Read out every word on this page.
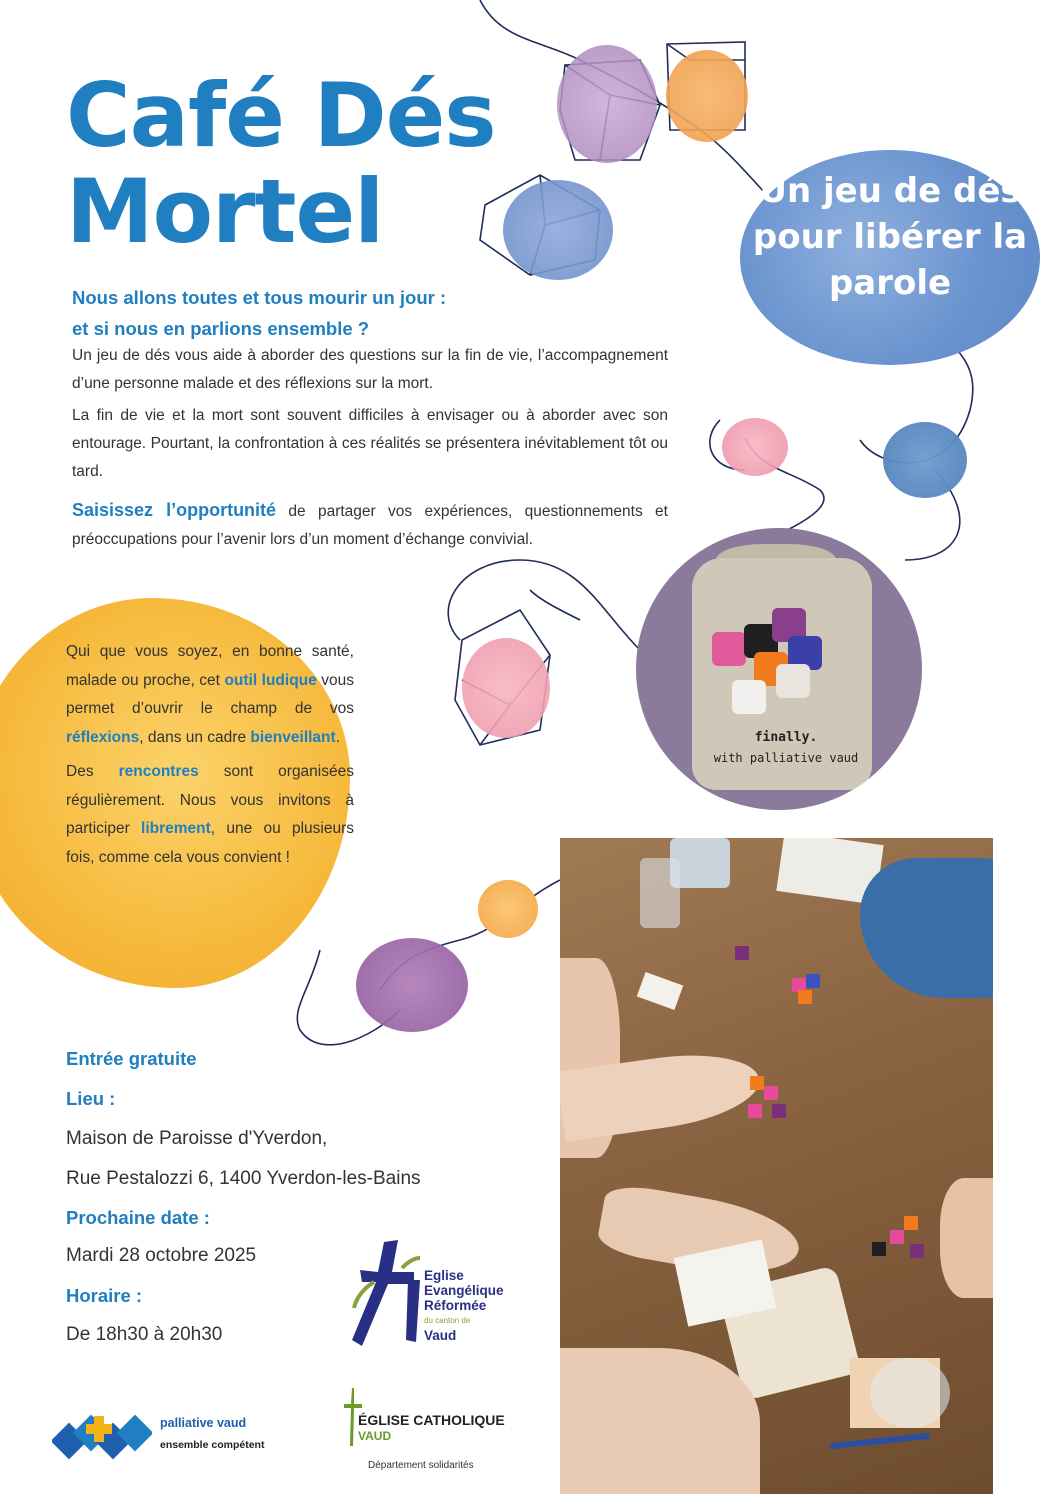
Café Dés
Mortel	Un jeu de dés pour libérer la parole
Nous allons toutes et tous mourir un jour :
et si nous en parlions ensemble ?
Un jeu de dés vous aide à aborder des questions sur la fin de vie, l’accompagnement d’une personne malade et des réflexions sur la mort.
La fin de vie et la mort sont souvent difficiles à envisager ou à aborder avec son entourage. Pourtant, la confrontation à ces réalités se présentera inévitablement tôt ou tard.
Saisissez l’opportunité de partager vos expériences, questionnements et préoccupations pour l’avenir lors d’un moment d’échange convivial.

Qui que vous soyez, en bonne santé, malade ou proche, cet outil ludique vous permet d’ouvrir le champ de vos réflexions, dans un cadre bienveillant.

Des rencontres sont organisées régulièrement. Nous vous invitons à participer librement, une ou plusieurs fois, comme cela vous convient !

finally.
with palliative vaud
Entrée gratuite
Lieu :
Maison de Paroisse d'Yverdon,
Rue Pestalozzi 6, 1400 Yverdon-les-Bains
Prochaine date :
Mardi 28 octobre 2025
Horaire :
De 18h30 à 20h30
Eglise
Evangélique
Réformée
du canton de
Vaud
palliative vaud
ensemble compétent
ÉGLISE CATHOLIQUE
VAUD
Département solidarités
